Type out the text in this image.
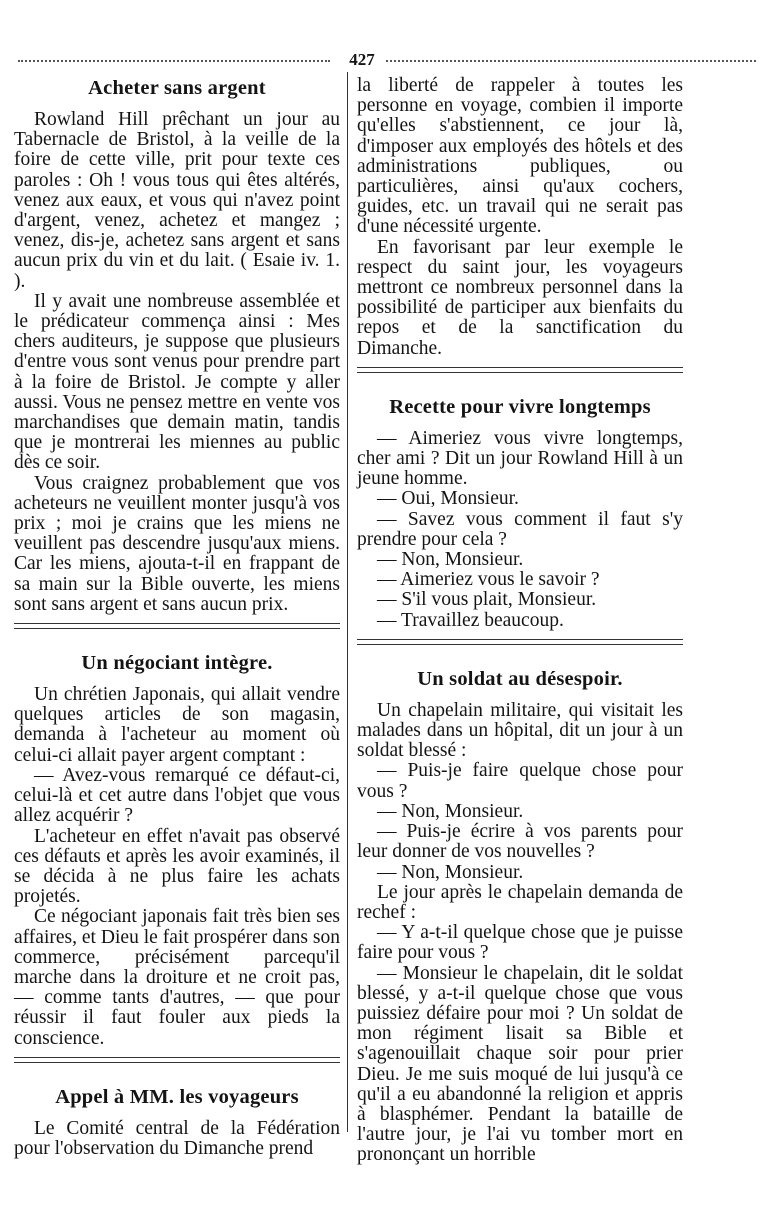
427
Acheter sans argent

Rowland Hill prêchant un jour au Tabernacle de Bristol, à la veille de la foire de cette ville, prit pour texte ces paroles : Oh ! vous tous qui êtes altérés, venez aux eaux, et vous qui n'avez point d'argent, venez, achetez et mangez ; venez, dis-je, achetez sans argent et sans aucun prix du vin et du lait. ( Esaie iv. 1. ).

Il y avait une nombreuse assemblée et le prédicateur commença ainsi : Mes chers auditeurs, je suppose que plusieurs d'entre vous sont venus pour prendre part à la foire de Bristol. Je compte y aller aussi. Vous ne pensez mettre en vente vos marchandises que demain matin, tandis que je montrerai les miennes au public dès ce soir.

Vous craignez probablement que vos acheteurs ne veuillent monter jusqu'à vos prix ; moi je crains que les miens ne veuillent pas descendre jusqu'aux miens. Car les miens, ajouta-t-il en frappant de sa main sur la Bible ouverte, les miens sont sans argent et sans aucun prix.

Un négociant intègre.

Un chrétien Japonais, qui allait vendre quelques articles de son magasin, demanda à l'acheteur au moment où celui-ci allait payer argent comptant :

— Avez-vous remarqué ce défaut-ci, celui-là et cet autre dans l'objet que vous allez acquérir ?

L'acheteur en effet n'avait pas observé ces défauts et après les avoir examinés, il se décida à ne plus faire les achats projetés.

Ce négociant japonais fait très bien ses affaires, et Dieu le fait prospérer dans son commerce, précisément parcequ'il marche dans la droiture et ne croit pas, — comme tants d'autres, — que pour réussir il faut fouler aux pieds la conscience.

Appel à MM. les voyageurs

Le Comité central de la Fédération pour l'observation du Dimanche prend

la liberté de rappeler à toutes les personne en voyage, combien il importe qu'elles s'abstiennent, ce jour là, d'imposer aux employés des hôtels et des administrations publiques, ou particulières, ainsi qu'aux cochers, guides, etc. un travail qui ne serait pas d'une nécessité urgente.

En favorisant par leur exemple le respect du saint jour, les voyageurs mettront ce nombreux personnel dans la possibilité de participer aux bienfaits du repos et de la sanctification du Dimanche.

Recette pour vivre longtemps

— Aimeriez vous vivre longtemps, cher ami ? Dit un jour Rowland Hill à un jeune homme.

— Oui, Monsieur.

— Savez vous comment il faut s'y prendre pour cela ?

— Non, Monsieur.

— Aimeriez vous le savoir ?

— S'il vous plait, Monsieur.

— Travaillez beaucoup.

Un soldat au désespoir.

Un chapelain militaire, qui visitait les malades dans un hôpital, dit un jour à un soldat blessé :

— Puis-je faire quelque chose pour vous ?

— Non, Monsieur.

— Puis-je écrire à vos parents pour leur donner de vos nouvelles ?

— Non, Monsieur.

Le jour après le chapelain demanda de rechef :

— Y a-t-il quelque chose que je puisse faire pour vous ?

— Monsieur le chapelain, dit le soldat blessé, y a-t-il quelque chose que vous puissiez défaire pour moi ? Un soldat de mon régiment lisait sa Bible et s'agenouillait chaque soir pour prier Dieu. Je me suis moqué de lui jusqu'à ce qu'il a eu abandonné la religion et appris à blasphémer. Pendant la bataille de l'autre jour, je l'ai vu tomber mort en prononçant un horrible
